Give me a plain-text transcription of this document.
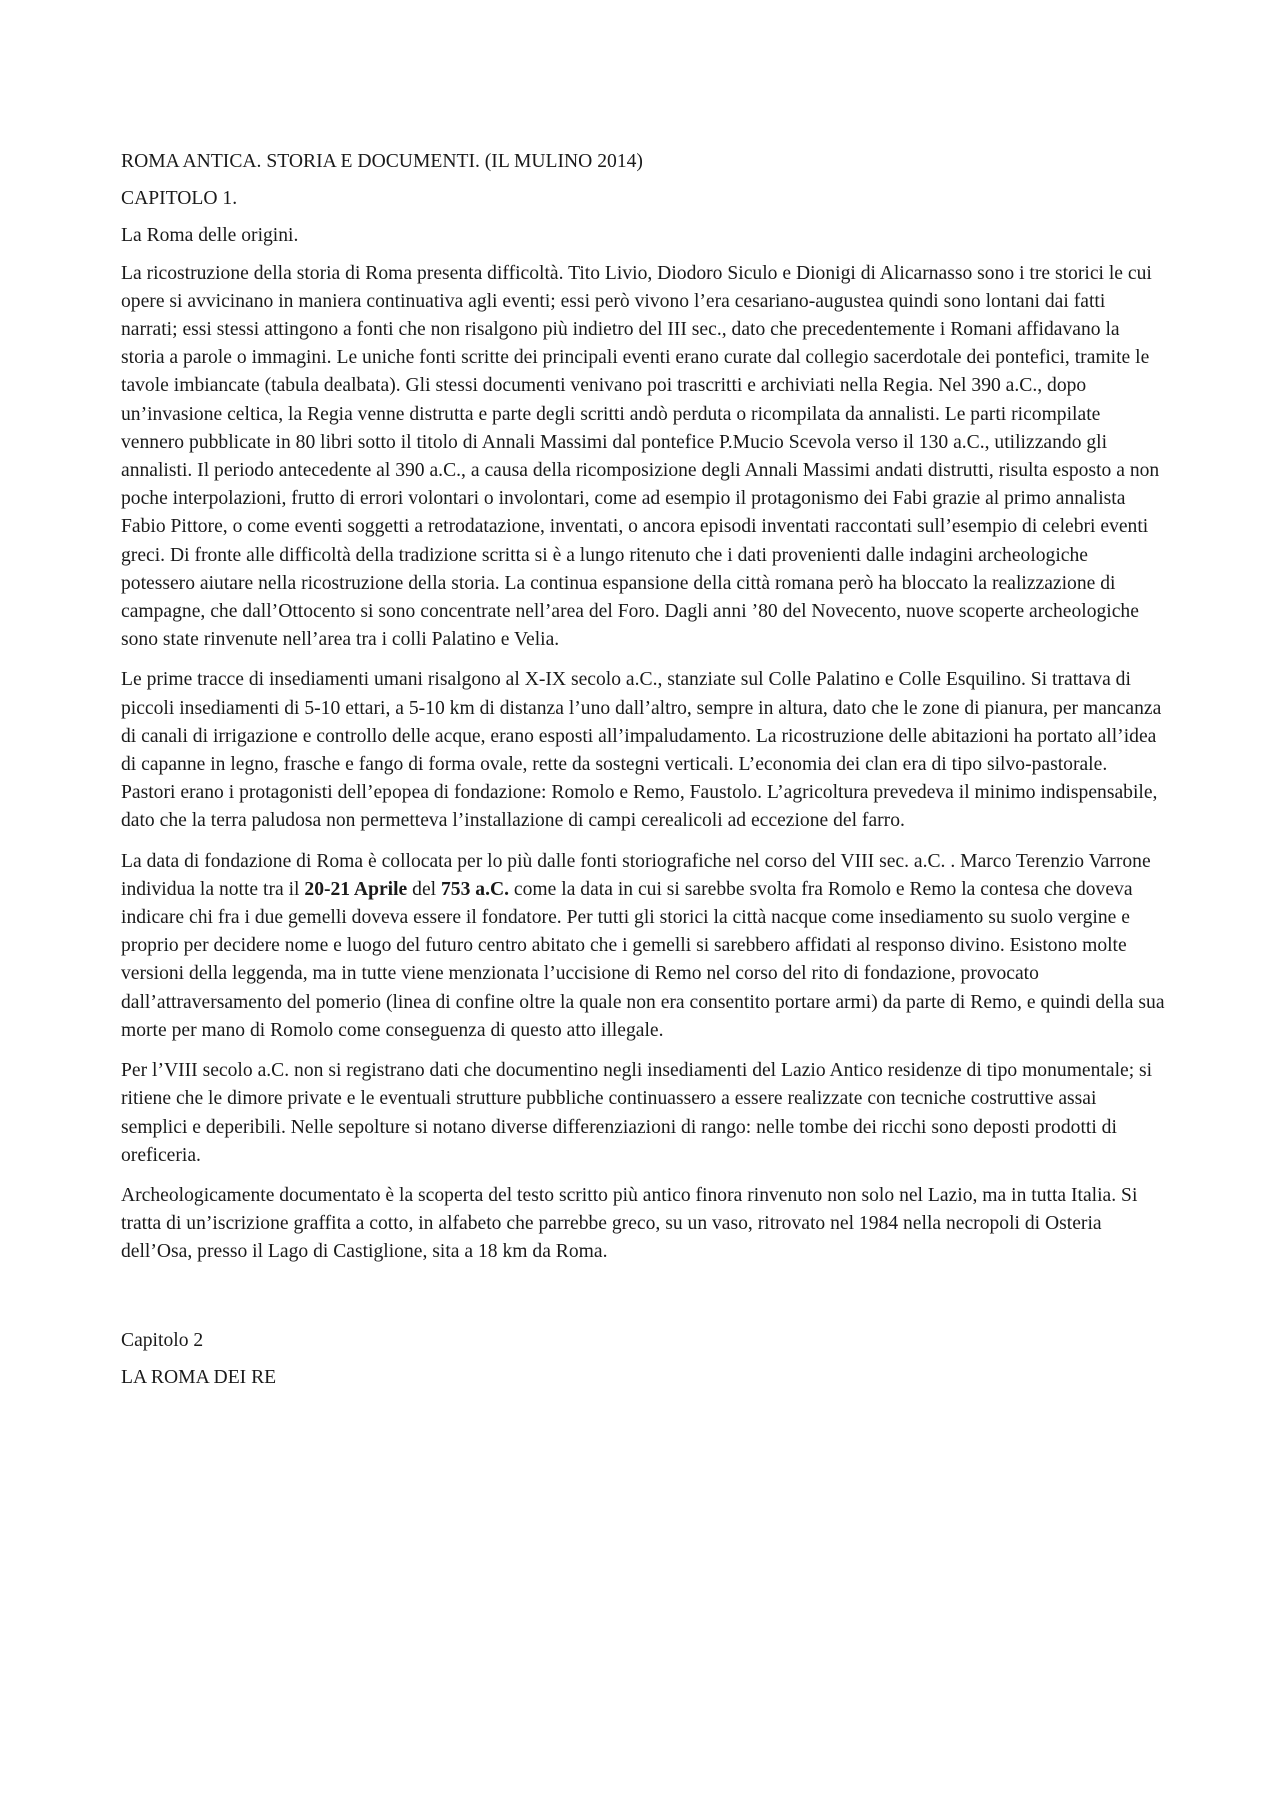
ROMA ANTICA. STORIA E DOCUMENTI. (IL MULINO 2014)

CAPITOLO 1.

La Roma delle origini.

La ricostruzione della storia di Roma presenta difficoltà. Tito Livio, Diodoro Siculo e Dionigi di Alicarnasso sono i tre storici le cui opere si avvicinano in maniera continuativa agli eventi; essi però vivono l’era cesariano-augustea quindi sono lontani dai fatti narrati; essi stessi attingono a fonti che non risalgono più indietro del III sec., dato che precedentemente i Romani affidavano la storia a parole o immagini. Le uniche fonti scritte dei principali eventi erano curate dal collegio sacerdotale dei pontefici, tramite le tavole imbiancate (tabula dealbata). Gli stessi documenti venivano poi trascritti e archiviati nella Regia. Nel 390 a.C., dopo un’invasione celtica, la Regia venne distrutta e parte degli scritti andò perduta o ricompilata da annalisti. Le parti ricompilate vennero pubblicate in 80 libri sotto il titolo di Annali Massimi dal pontefice P.Mucio Scevola verso il 130 a.C., utilizzando gli annalisti. Il periodo antecedente al 390 a.C., a causa della ricomposizione degli Annali Massimi andati distrutti, risulta esposto a non poche interpolazioni, frutto di errori volontari o involontari, come ad esempio il protagonismo dei Fabi grazie al primo annalista Fabio Pittore, o come eventi soggetti a retrodatazione, inventati, o ancora episodi inventati raccontati sull’esempio di celebri eventi greci. Di fronte alle difficoltà della tradizione scritta si è a lungo ritenuto che i dati provenienti dalle indagini archeologiche potessero aiutare nella ricostruzione della storia. La continua espansione della città romana però ha bloccato la realizzazione di campagne, che dall’Ottocento si sono concentrate nell’area del Foro. Dagli anni ’80 del Novecento, nuove scoperte archeologiche sono state rinvenute nell’area tra i colli Palatino e Velia.

Le prime tracce di insediamenti umani risalgono al X-IX secolo a.C., stanziate sul Colle Palatino e Colle Esquilino. Si trattava di piccoli insediamenti di 5-10 ettari, a 5-10 km di distanza l’uno dall’altro, sempre in altura, dato che le zone di pianura, per mancanza di canali di irrigazione e controllo delle acque, erano esposti all’impaludamento. La ricostruzione delle abitazioni ha portato all’idea di capanne in legno, frasche e fango di forma ovale, rette da sostegni verticali. L’economia dei clan era di tipo silvo-pastorale. Pastori erano i protagonisti dell’epopea di fondazione: Romolo e Remo, Faustolo. L’agricoltura prevedeva il minimo indispensabile, dato che la terra paludosa non permetteva l’installazione di campi cerealicoli ad eccezione del farro.

La data di fondazione di Roma è collocata per lo più dalle fonti storiografiche nel corso del VIII sec. a.C. . Marco Terenzio Varrone individua la notte tra il 20-21 Aprile del 753 a.C. come la data in cui si sarebbe svolta fra Romolo e Remo la contesa che doveva indicare chi fra i due gemelli doveva essere il fondatore. Per tutti gli storici la città nacque come insediamento su suolo vergine e proprio per decidere nome e luogo del futuro centro abitato che i gemelli si sarebbero affidati al responso divino. Esistono molte versioni della leggenda, ma in tutte viene menzionata l’uccisione di Remo nel corso del rito di fondazione, provocato dall’attraversamento del pomerio (linea di confine oltre la quale non era consentito portare armi) da parte di Remo, e quindi della sua morte per mano di Romolo come conseguenza di questo atto illegale.

Per l’VIII secolo a.C. non si registrano dati che documentino negli insediamenti del Lazio Antico residenze di tipo monumentale; si ritiene che le dimore private e le eventuali strutture pubbliche continuassero a essere realizzate con tecniche costruttive assai semplici e deperibili. Nelle sepolture si notano diverse differenziazioni di rango: nelle tombe dei ricchi sono deposti prodotti di oreficeria.

Archeologicamente documentato è la scoperta del testo scritto più antico finora rinvenuto non solo nel Lazio, ma in tutta Italia. Si tratta di un’iscrizione graffita a cotto, in alfabeto che parrebbe greco, su un vaso, ritrovato nel 1984 nella necropoli di Osteria dell’Osa, presso il Lago di Castiglione, sita a 18 km da Roma.

Capitolo 2

LA ROMA DEI RE
